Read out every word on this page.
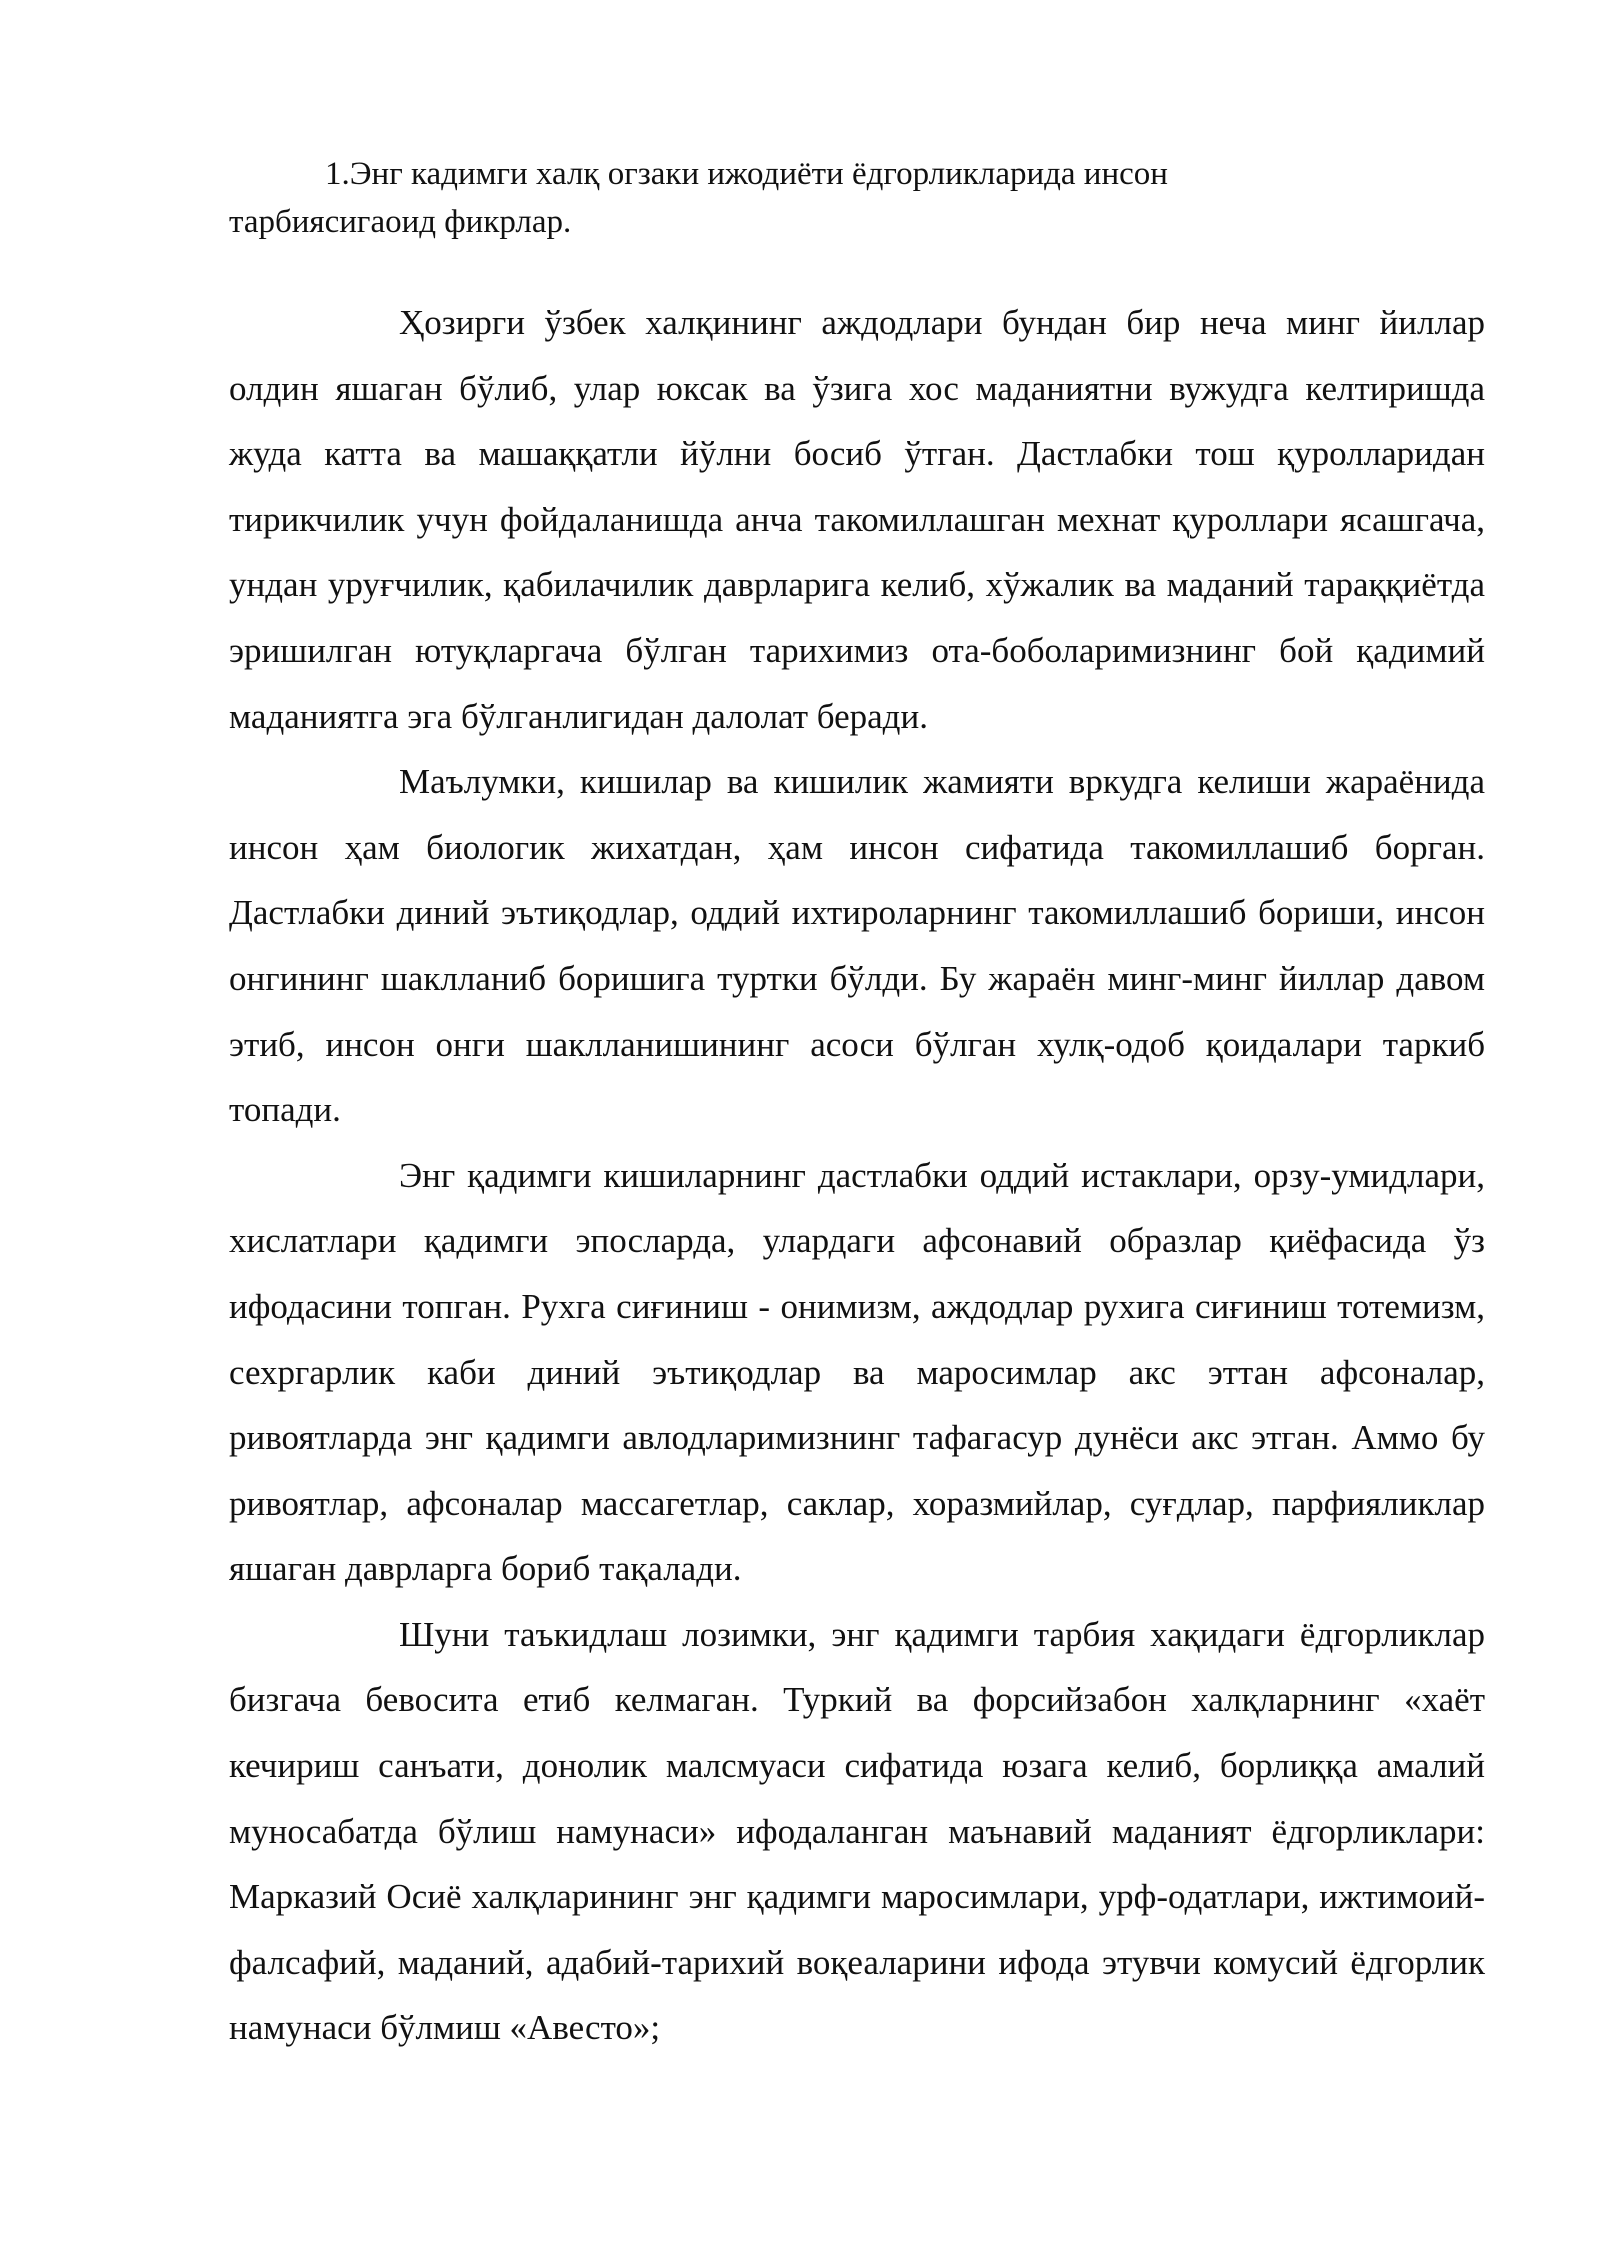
1.Энг кадимги халқ огзаки ижодиёти ёдгорликларида инсон
тарбиясигаоид фикрлар.

Ҳозирги ўзбек халқининг аждодлари бундан бир неча минг йиллар олдин яшаган бўлиб, улар юксак ва ўзига хос маданиятни вужудга келтиришда жуда катта ва машаққатли йўлни босиб ўтган. Дастлабки тош қуролларидан тирикчилик учун фойдаланишда анча такомиллашган мехнат қуроллари ясашгача, ундан уруғчилик, қабилачилик даврларига келиб, хўжалик ва маданий тараққиётда эришилган ютуқларгача бўлган тарихимиз ота-боболаримизнинг бой қадимий маданиятга эга бўлганлигидан далолат беради.

Маълумки, кишилар ва кишилик жамияти вркудга келиши жараёнида инсон ҳам биологик жихатдан, ҳам инсон сифатида такомиллашиб борган. Дастлабки диний эътиқодлар, оддий ихтироларнинг такомиллашиб бориши, инсон онгининг шаклланиб боришига туртки бўлди. Бу жараён минг-минг йиллар давом этиб, инсон онги шаклланишининг асоси бўлган хулқ-одоб қоидалари таркиб топади.

Энг қадимги кишиларнинг дастлабки оддий истаклари, орзу-умидлари, хислатлари қадимги эпосларда, улардаги афсонавий образлар қиёфасида ўз ифодасини топган. Рухга сиғиниш - онимизм, аждодлар рухига сиғиниш тотемизм, сехргарлик каби диний эътиқодлар ва маросимлар акс эттан афсоналар, ривоятларда энг қадимги авлодларимизнинг тафагасур дунёси акс этган. Аммо бу ривоятлар, афсоналар массагетлар, саклар, хоразмийлар, суғдлар, парфияликлар яшаган даврларга бориб тақалади.

Шуни таъкидлаш лозимки, энг қадимги тарбия хақидаги ёдгорликлар бизгача бевосита етиб келмаган. Туркий ва форсийзабон халқларнинг «хаёт кечириш санъати, донолик малсмуаси сифатида юзага келиб, борлиққа амалий муносабатда бўлиш намунаси» ифодаланган маънавий маданият ёдгорликлари: Марказий Осиё халқларининг энг қадимги маросимлари, урф-одатлари, ижтимоий-фалсафий, маданий, адабий-тарихий воқеаларини ифода этувчи комусий ёдгорлик намунаси бўлмиш «Авесто»;
